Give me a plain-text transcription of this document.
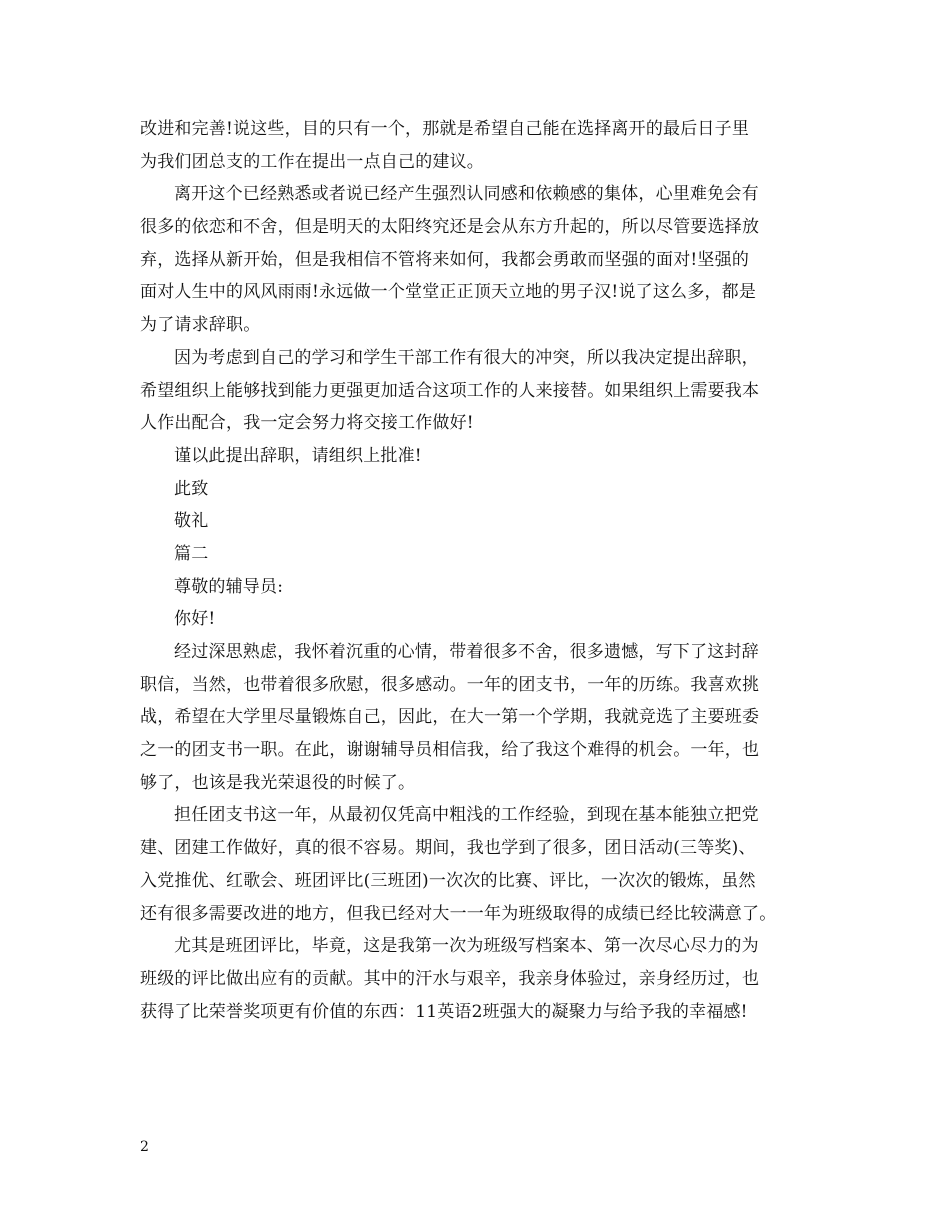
改进和完善!说这些，目的只有一个，那就是希望自己能在选择离开的最后日子里
为我们团总支的工作在提出一点自己的建议。
离开这个已经熟悉或者说已经产生强烈认同感和依赖感的集体，心里难免会有
很多的依恋和不舍，但是明天的太阳终究还是会从东方升起的，所以尽管要选择放
弃，选择从新开始，但是我相信不管将来如何，我都会勇敢而坚强的面对!坚强的
面对人生中的风风雨雨!永远做一个堂堂正正顶天立地的男子汉!说了这么多，都是
为了请求辞职。
因为考虑到自己的学习和学生干部工作有很大的冲突，所以我决定提出辞职，
希望组织上能够找到能力更强更加适合这项工作的人来接替。如果组织上需要我本
人作出配合，我一定会努力将交接工作做好!
谨以此提出辞职，请组织上批准!
此致
敬礼
篇二
尊敬的辅导员:
你好!
经过深思熟虑，我怀着沉重的心情，带着很多不舍，很多遗憾，写下了这封辞
职信，当然，也带着很多欣慰，很多感动。一年的团支书，一年的历练。我喜欢挑
战，希望在大学里尽量锻炼自己，因此，在大一第一个学期，我就竞选了主要班委
之一的团支书一职。在此，谢谢辅导员相信我，给了我这个难得的机会。一年，也
够了，也该是我光荣退役的时候了。
担任团支书这一年，从最初仅凭高中粗浅的工作经验，到现在基本能独立把党
建、团建工作做好，真的很不容易。期间，我也学到了很多，团日活动(三等奖)、
入党推优、红歌会、班团评比(三班团)一次次的比赛、评比，一次次的锻炼，虽然
还有很多需要改进的地方，但我已经对大一一年为班级取得的成绩已经比较满意了。
尤其是班团评比，毕竟，这是我第一次为班级写档案本、第一次尽心尽力的为
班级的评比做出应有的贡献。其中的汗水与艰辛，我亲身体验过，亲身经历过，也
获得了比荣誉奖项更有价值的东西：11英语2班强大的凝聚力与给予我的幸福感!
2
